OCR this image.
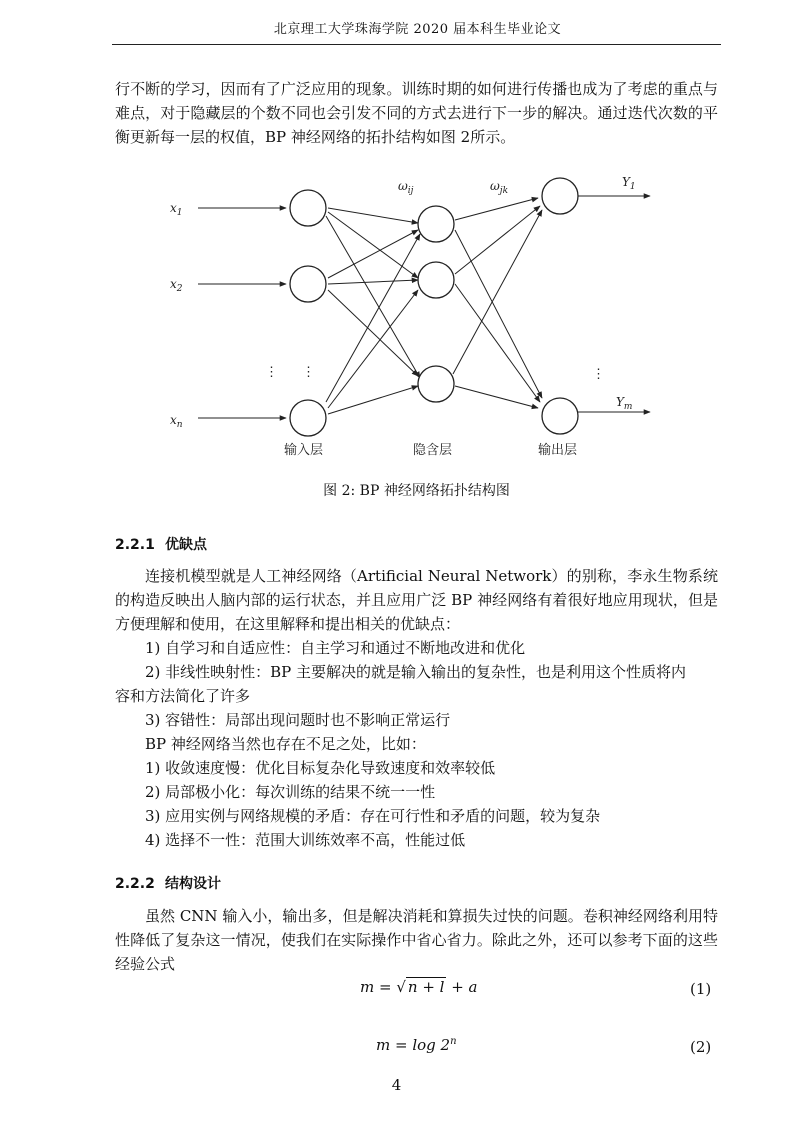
北京理工大学珠海学院 2020 届本科生毕业论文

行不断的学习，因而有了广泛应用的现象。训练时期的如何进行传播也成为了考虑的重点与难点，对于隐藏层的个数不同也会引发不同的方式去进行下一步的解决。通过迭代次数的平衡更新每一层的权值，BP 神经网络的拓扑结构如图 2所示。

⋮ ⋮	⋮
$x_1$
$x_2$
$x_n$
$Y_1$
$Y_m$
$\omega_{ij}$	$\omega_{jk}$
输入层	隐含层	输出层
图 2: BP 神经网络拓扑结构图
2.2.1 优缺点

连接机模型就是人工神经网络（Artificial Neural Network）的别称，李永生物系统的构造反映出人脑内部的运行状态，并且应用广泛 BP 神经网络有着很好地应用现状，但是方便理解和使用，在这里解释和提出相关的优缺点：

1) 自学习和自适应性：自主学习和通过不断地改进和优化
2) 非线性映射性：BP 主要解决的就是输入输出的复杂性，也是利用这个性质将内
容和方法简化了许多
3) 容错性：局部出现问题时也不影响正常运行
BP 神经网络当然也存在不足之处，比如：
1) 收敛速度慢：优化目标复杂化导致速度和效率较低
2) 局部极小化：每次训练的结果不统一一性
3) 应用实例与网络规模的矛盾：存在可行性和矛盾的问题，较为复杂
4) 选择不一性：范围大训练效率不高，性能过低
2.2.2 结构设计

虽然 CNN 输入小，输出多，但是解决消耗和算损失过快的问题。卷积神经网络利用特性降低了复杂这一情况，使我们在实际操作中省心省力。除此之外，还可以参考下面的这些经验公式

m = √ n + l + a	(1)
m = log 2$^n$	(2)
4
